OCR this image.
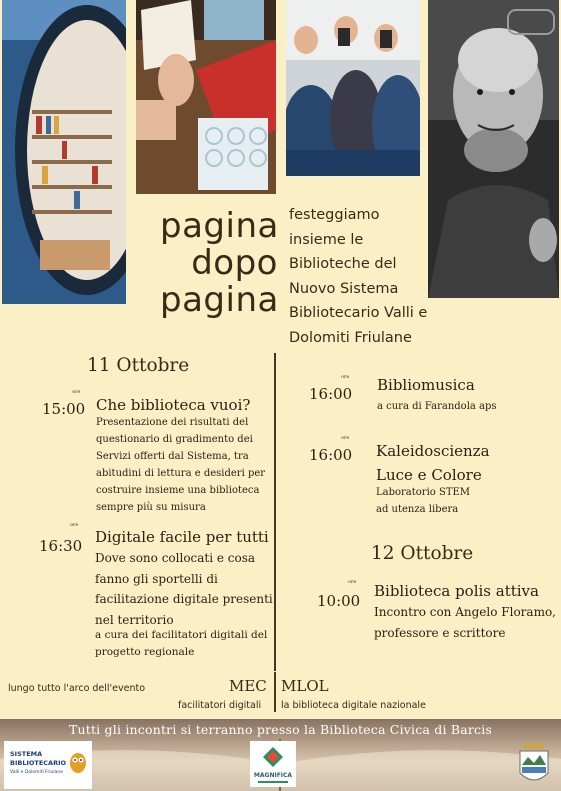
pagina
dopo
pagina
festeggiamo
insieme le
Biblioteche del
Nuovo Sistema
Bibliotecario Valli e
Dolomiti Friulane
11 Ottobre
ore
15:00 Che biblioteca vuoi?
Presentazione dei risultati del
questionario di gradimento dei
Servizi offerti dal Sistema, tra
abitudini di lettura e desideri per
costruire insieme una biblioteca
sempre più su misura
ore
16:30 Digitale facile per tutti
Dove sono collocati e cosa
fanno gli sportelli di
facilitazione digitale presenti
nel territorio
a cura dei facilitatori digitali del
progetto regionale
ore
16:00 Bibliomusica
a cura di Farandola aps
ore
16:00 Kaleidoscienza
Luce e Colore
Laboratorio STEM
ad utenza libera
12 Ottobre
ore
10:00
Biblioteca polis attiva
Incontro con Angelo Floramo,
professore e scrittore
lungo tutto l'arco dell'evento	MEC MLOL
facilitatori digitali la biblioteca digitale nazionale
Tutti gli incontri si terranno presso la Biblioteca Civica di Barcis
SISTEMA
BIBLIOTECARIO
Valli e Dolomiti Friulane	MAGNIFICA
